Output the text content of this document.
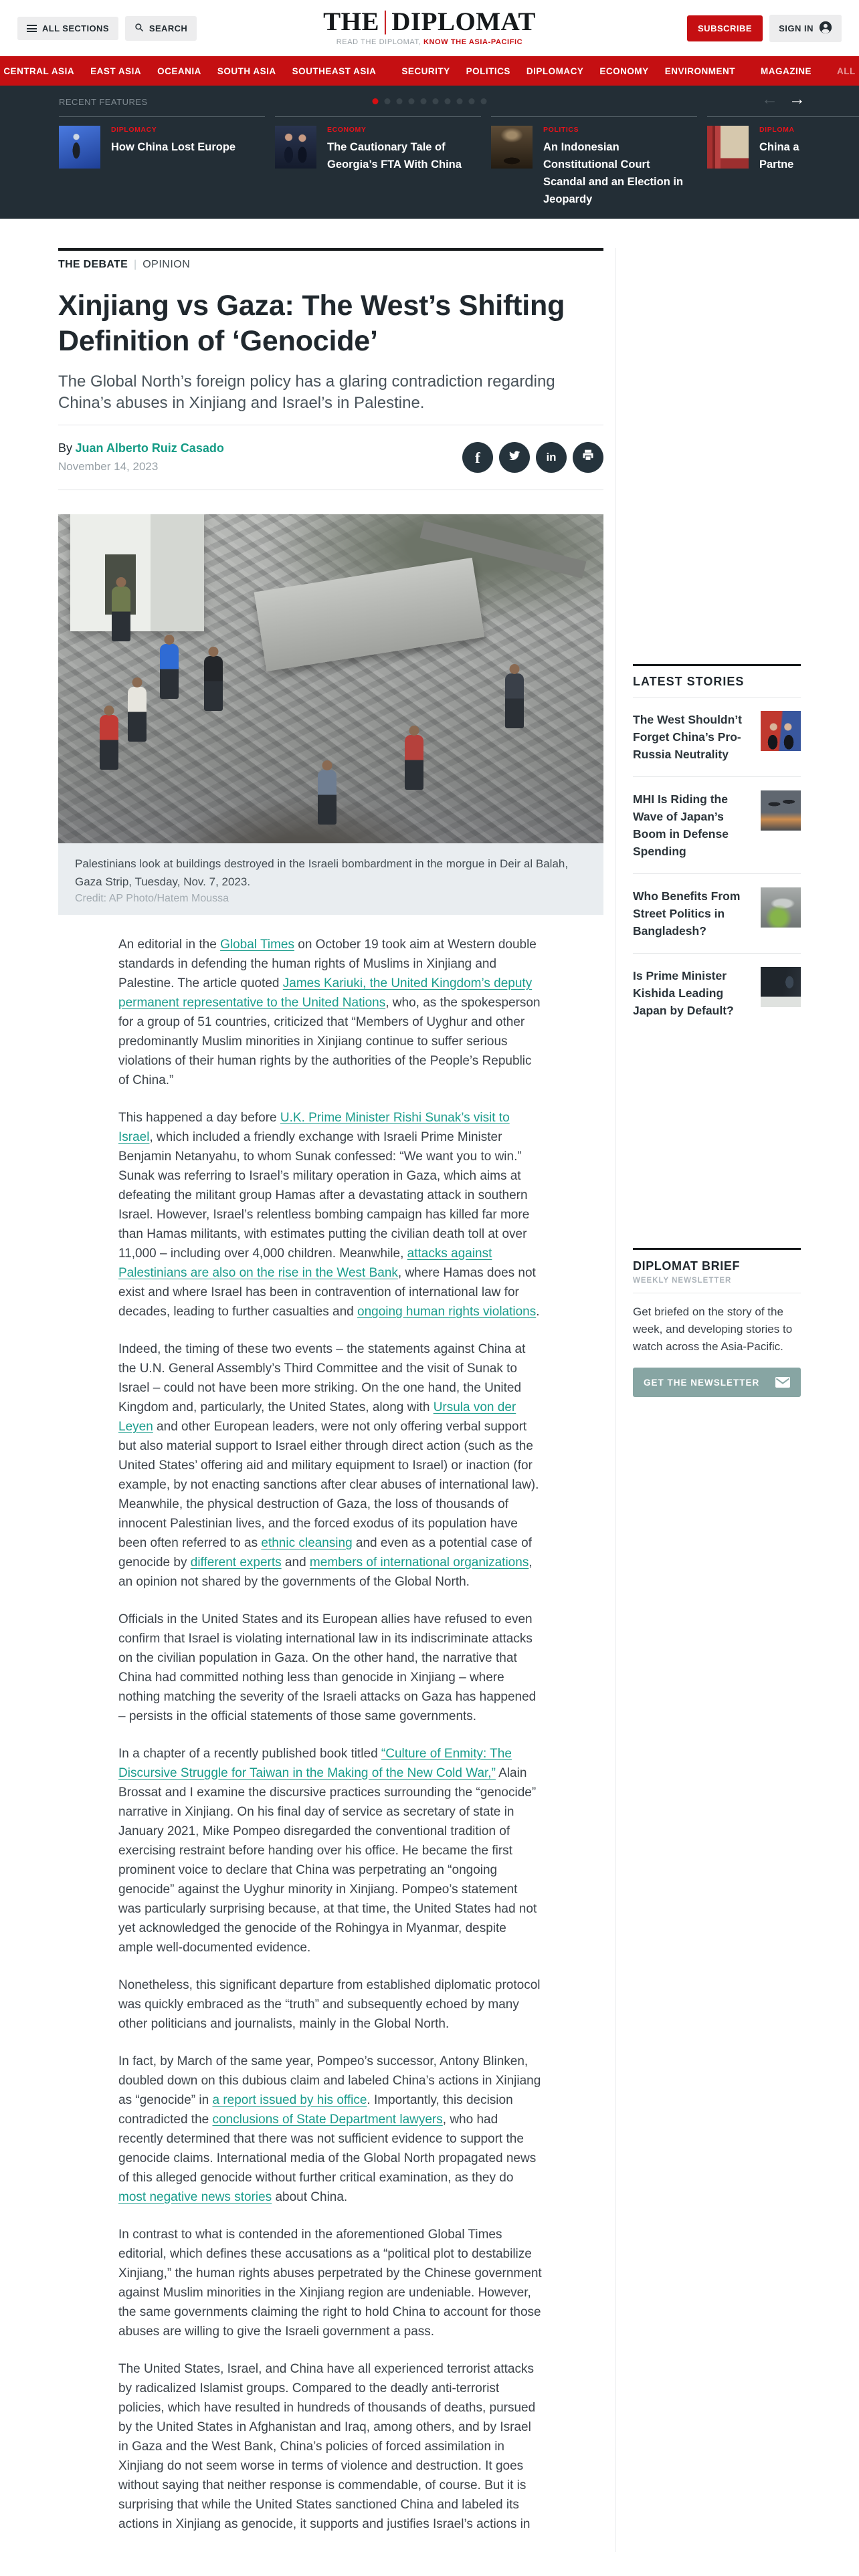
ALL SECTIONS	SEARCH	THE | DIPLOMAT
READ THE DIPLOMAT, KNOW THE ASIA-PACIFIC
SUBSCRIBE	SIGN IN
CENTRAL ASIA EAST ASIA OCEANIA SOUTH ASIA SOUTHEAST ASIA	SECURITY POLITICS DIPLOMACY ECONOMY ENVIRONMENT	MAGAZINE	ALL
RECENT FEATURES	← →
DIPLOMACY
How China Lost Europe
ECONOMY
The Cautionary Tale of Georgia’s FTA With China
POLITICS
An Indonesian Constitutional Court Scandal and an Election in Jeopardy
DIPLOMA
China a
Partne
THE DEBATE | OPINION
Xinjiang vs Gaza: The West’s Shifting Definition of ‘Genocide’
The Global North’s foreign policy has a glaring contradiction regarding China’s abuses in Xinjiang and Israel’s in Palestine.
By Juan Alberto Ruiz Casado
November 14, 2023
f	in
Palestinians look at buildings destroyed in the Israeli bombardment in the morgue in Deir al Balah, Gaza Strip, Tuesday, Nov. 7, 2023.
Credit: AP Photo/Hatem Moussa

An editorial in the Global Times on October 19 took aim at Western double standards in defending the human rights of Muslims in Xinjiang and Palestine. The article quoted James Kariuki, the United Kingdom’s deputy permanent representative to the United Nations, who, as the spokesperson for a group of 51 countries, criticized that “Members of Uyghur and other predominantly Muslim minorities in Xinjiang continue to suffer serious violations of their human rights by the authorities of the People’s Republic of China.”

This happened a day before U.K. Prime Minister Rishi Sunak’s visit to Israel, which included a friendly exchange with Israeli Prime Minister Benjamin Netanyahu, to whom Sunak confessed: “We want you to win.” Sunak was referring to Israel’s military operation in Gaza, which aims at defeating the militant group Hamas after a devastating attack in southern Israel. However, Israel’s relentless bombing campaign has killed far more than Hamas militants, with estimates putting the civilian death toll at over 11,000 – including over 4,000 children. Meanwhile, attacks against Palestinians are also on the rise in the West Bank, where Hamas does not exist and where Israel has been in contravention of international law for decades, leading to further casualties and ongoing human rights violations.

Indeed, the timing of these two events – the statements against China at the U.N. General Assembly’s Third Committee and the visit of Sunak to Israel – could not have been more striking. On the one hand, the United Kingdom and, particularly, the United States, along with Ursula von der Leyen and other European leaders, were not only offering verbal support but also material support to Israel either through direct action (such as the United States’ offering aid and military equipment to Israel) or inaction (for example, by not enacting sanctions after clear abuses of international law). Meanwhile, the physical destruction of Gaza, the loss of thousands of innocent Palestinian lives, and the forced exodus of its population have been often referred to as ethnic cleansing and even as a potential case of genocide by different experts and members of international organizations, an opinion not shared by the governments of the Global North.

Officials in the United States and its European allies have refused to even confirm that Israel is violating international law in its indiscriminate attacks on the civilian population in Gaza. On the other hand, the narrative that China had committed nothing less than genocide in Xinjiang – where nothing matching the severity of the Israeli attacks on Gaza has happened – persists in the official statements of those same governments.

In a chapter of a recently published book titled “Culture of Enmity: The Discursive Struggle for Taiwan in the Making of the New Cold War,” Alain Brossat and I examine the discursive practices surrounding the “genocide” narrative in Xinjiang. On his final day of service as secretary of state in January 2021, Mike Pompeo disregarded the conventional tradition of exercising restraint before handing over his office. He became the first prominent voice to declare that China was perpetrating an “ongoing genocide” against the Uyghur minority in Xinjiang. Pompeo’s statement was particularly surprising because, at that time, the United States had not yet acknowledged the genocide of the Rohingya in Myanmar, despite ample well-documented evidence.

Nonetheless, this significant departure from established diplomatic protocol was quickly embraced as the “truth” and subsequently echoed by many other politicians and journalists, mainly in the Global North.

In fact, by March of the same year, Pompeo’s successor, Antony Blinken, doubled down on this dubious claim and labeled China’s actions in Xinjiang as “genocide” in a report issued by his office. Importantly, this decision contradicted the conclusions of State Department lawyers, who had recently determined that there was not sufficient evidence to support the genocide claims. International media of the Global North propagated news of this alleged genocide without further critical examination, as they do most negative news stories about China.

In contrast to what is contended in the aforementioned Global Times editorial, which defines these accusations as a “political plot to destabilize Xinjiang,” the human rights abuses perpetrated by the Chinese government against Muslim minorities in the Xinjiang region are undeniable. However, the same governments claiming the right to hold China to account for those abuses are willing to give the Israeli government a pass.

The United States, Israel, and China have all experienced terrorist attacks by radicalized Islamist groups. Compared to the deadly anti-terrorist policies, which have resulted in hundreds of thousands of deaths, pursued by the United States in Afghanistan and Iraq, among others, and by Israel in Gaza and the West Bank, China’s policies of forced assimilation in Xinjiang do not seem worse in terms of violence and destruction. It goes without saying that neither response is commendable, of course. But it is surprising that while the United States sanctioned China and labeled its actions in Xinjiang as genocide, it supports and justifies Israel’s actions in

LATEST STORIES
The West Shouldn’t Forget China’s Pro-Russia Neutrality
MHI Is Riding the Wave of Japan’s Boom in Defense Spending
Who Benefits From Street Politics in Bangladesh?
Is Prime Minister Kishida Leading Japan by Default?
DIPLOMAT BRIEF
WEEKLY NEWSLETTER
Get briefed on the story of the week, and developing stories to watch across the Asia-Pacific.
GET THE NEWSLETTER
